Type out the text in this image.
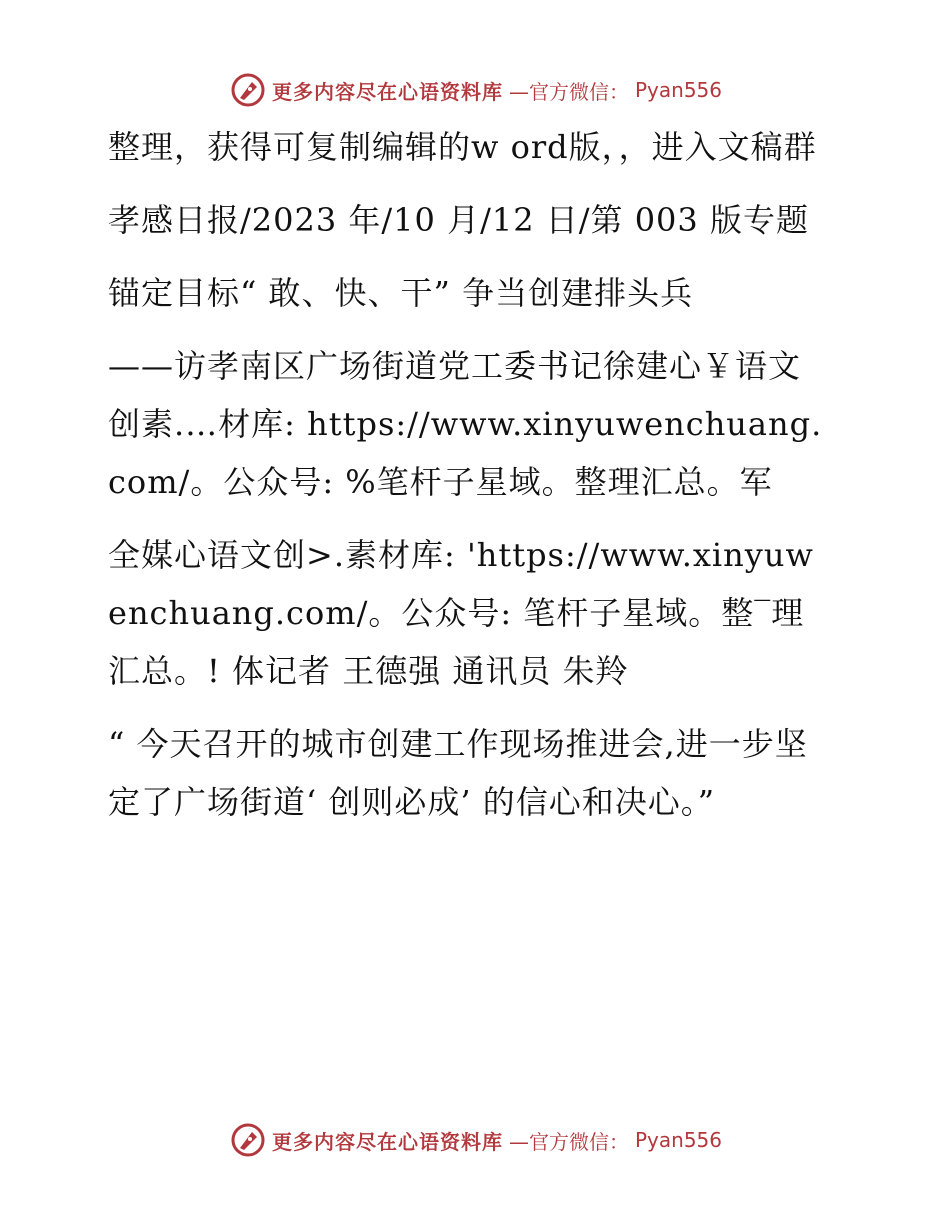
更多内容尽在心语资料库 —官方微信： Pyan556

整理，获得可复制编辑的w ord版，，进入文稿群

孝感日报/2023 年/10 月/12 日/第 003 版专题

锚定目标“ 敢、快、干” 争当创建排头兵

——访孝南区广场街道党工委书记徐建心￥语文创素.…材库: https://www.xinyuwenchuang.com/。公众号: %笔杆子星域。整理汇总。军

全媒心语文创>.素材库: 'https://www.xinyuwenchuang.com/。公众号: 笔杆子星域。整‾理汇总。! 体记者 王德强 通讯员 朱羚

“ 今天召开的城市创建工作现场推进会,进一步坚定了广场街道‘ 创则必成’ 的信心和决心。”

更多内容尽在心语资料库 —官方微信： Pyan556
